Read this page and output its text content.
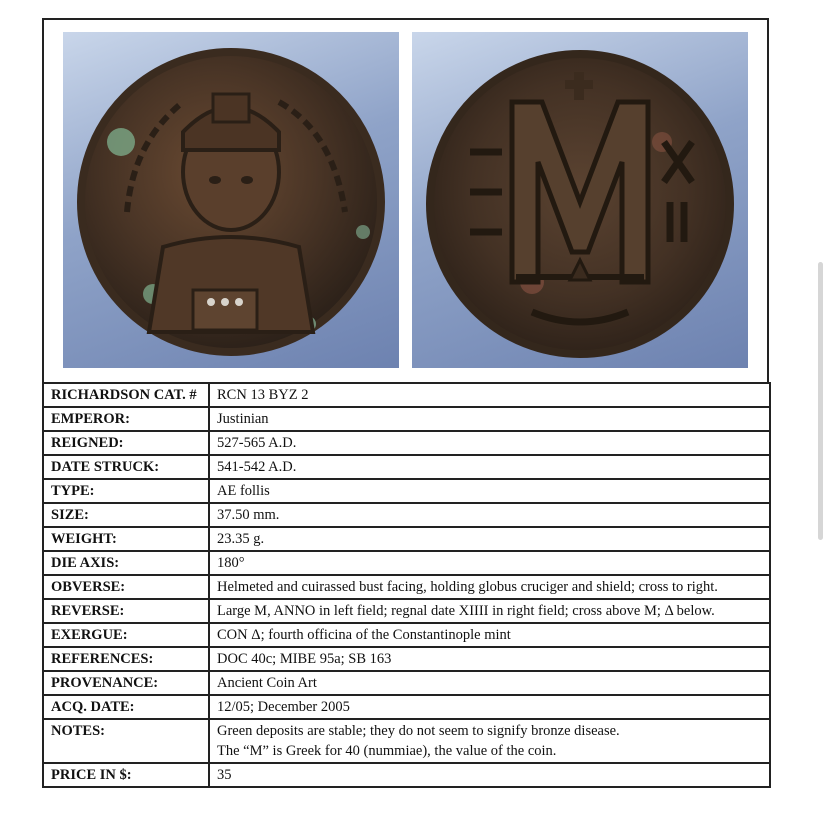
RICHARDSON CAT. #	RCN 13 BYZ 2
EMPEROR:	Justinian
REIGNED:	527-565 A.D.
DATE STRUCK:	541-542 A.D.
TYPE:	AE follis
SIZE:	37.50 mm.
WEIGHT:	23.35 g.
DIE AXIS:	180°
OBVERSE:	Helmeted and cuirassed bust facing, holding globus cruciger and shield; cross to right.
REVERSE:	Large M, ANNO in left field; regnal date XIIII in right field; cross above M; Δ below.
EXERGUE:	CON Δ; fourth officina of the Constantinople mint
REFERENCES:	DOC 40c; MIBE 95a; SB 163
PROVENANCE:	Ancient Coin Art
ACQ. DATE:	12/05; December 2005
NOTES:	Green deposits are stable; they do not seem to signify bronze disease.
The “M” is Greek for 40 (nummiae), the value of the coin.

PRICE IN $:	35
